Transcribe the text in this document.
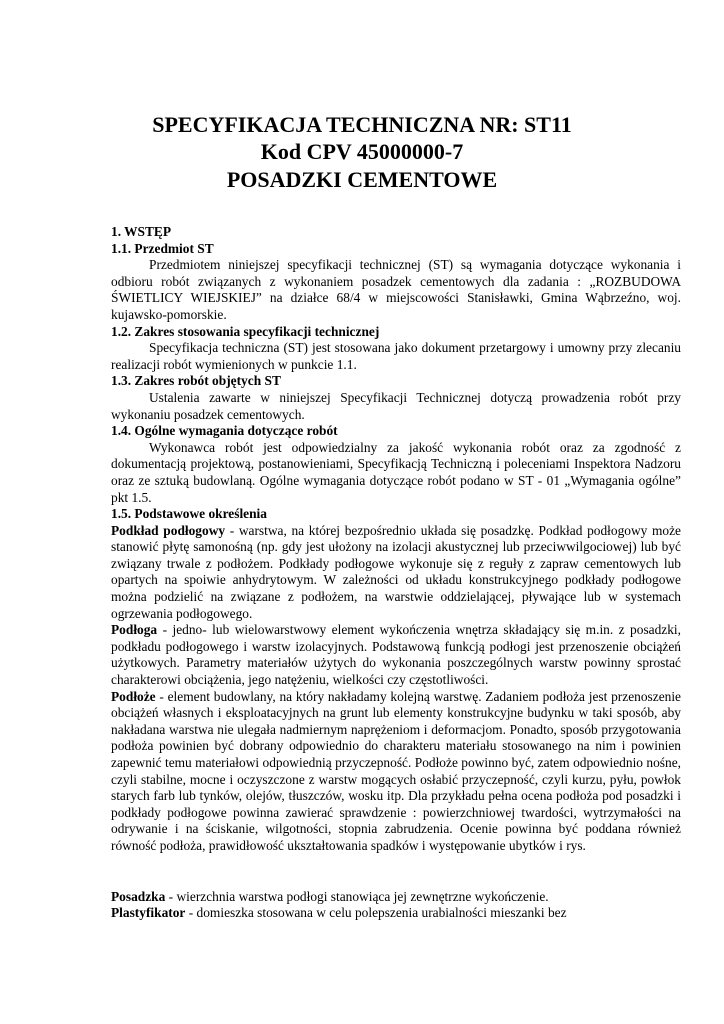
SPECYFIKACJA TECHNICZNA NR: ST11
Kod CPV 45000000-7
POSADZKI CEMENTOWE

1. WSTĘP

1.1. Przedmiot ST

Przedmiotem niniejszej specyfikacji technicznej (ST) są wymagania dotyczące wykonania i odbioru robót związanych z wykonaniem posadzek cementowych dla zadania : „ROZBUDOWA ŚWIETLICY WIEJSKIEJ” na działce 68/4 w miejscowości Stanisławki, Gmina Wąbrzeźno, woj. kujawsko-pomorskie.

1.2. Zakres stosowania specyfikacji technicznej

Specyfikacja techniczna (ST) jest stosowana jako dokument przetargowy i umowny przy zlecaniu realizacji robót wymienionych w punkcie 1.1.

1.3. Zakres robót objętych ST

Ustalenia zawarte w niniejszej Specyfikacji Technicznej dotyczą prowadzenia robót przy wykonaniu posadzek cementowych.

1.4. Ogólne wymagania dotyczące robót

Wykonawca robót jest odpowiedzialny za jakość wykonania robót oraz za zgodność z dokumentacją projektową, postanowieniami, Specyfikacją Techniczną i poleceniami Inspektora Nadzoru oraz ze sztuką budowlaną. Ogólne wymagania dotyczące robót podano w ST - 01 „Wymagania ogólne” pkt 1.5.

1.5. Podstawowe określenia

Podkład podłogowy - warstwa, na której bezpośrednio układa się posadzkę. Podkład podłogowy może stanowić płytę samonośną (np. gdy jest ułożony na izolacji akustycznej lub przeciwwilgociowej) lub być związany trwale z podłożem. Podkłady podłogowe wykonuje się z reguły z zapraw cementowych lub opartych na spoiwie anhydrytowym. W zależności od układu konstrukcyjnego podkłady podłogowe można podzielić na związane z podłożem, na warstwie oddzielającej, pływające lub w systemach ogrzewania podłogowego.

Podłoga - jedno- lub wielowarstwowy element wykończenia wnętrza składający się m.in. z posadzki, podkładu podłogowego i warstw izolacyjnych. Podstawową funkcją podłogi jest przenoszenie obciążeń użytkowych. Parametry materiałów użytych do wykonania poszczególnych warstw powinny sprostać charakterowi obciążenia, jego natężeniu, wielkości czy częstotliwości.

Podłoże - element budowlany, na który nakładamy kolejną warstwę. Zadaniem podłoża jest przenoszenie obciążeń własnych i eksploatacyjnych na grunt lub elementy konstrukcyjne budynku w taki sposób, aby nakładana warstwa nie ulegała nadmiernym naprężeniom i deformacjom. Ponadto, sposób przygotowania podłoża powinien być dobrany odpowiednio do charakteru materiału stosowanego na nim i powinien zapewnić temu materiałowi odpowiednią przyczepność. Podłoże powinno być, zatem odpowiednio nośne, czyli stabilne, mocne i oczyszczone z warstw mogących osłabić przyczepność, czyli kurzu, pyłu, powłok starych farb lub tynków, olejów, tłuszczów, wosku itp. Dla przykładu pełna ocena podłoża pod posadzki i podkłady podłogowe powinna zawierać sprawdzenie : powierzchniowej twardości, wytrzymałości na odrywanie i na ściskanie, wilgotności, stopnia zabrudzenia. Ocenie powinna być poddana również równość podłoża, prawidłowość ukształtowania spadków i występowanie ubytków i rys.

Posadzka - wierzchnia warstwa podłogi stanowiąca jej zewnętrzne wykończenie.

Plastyfikator - domieszka stosowana w celu polepszenia urabialności mieszanki bez
